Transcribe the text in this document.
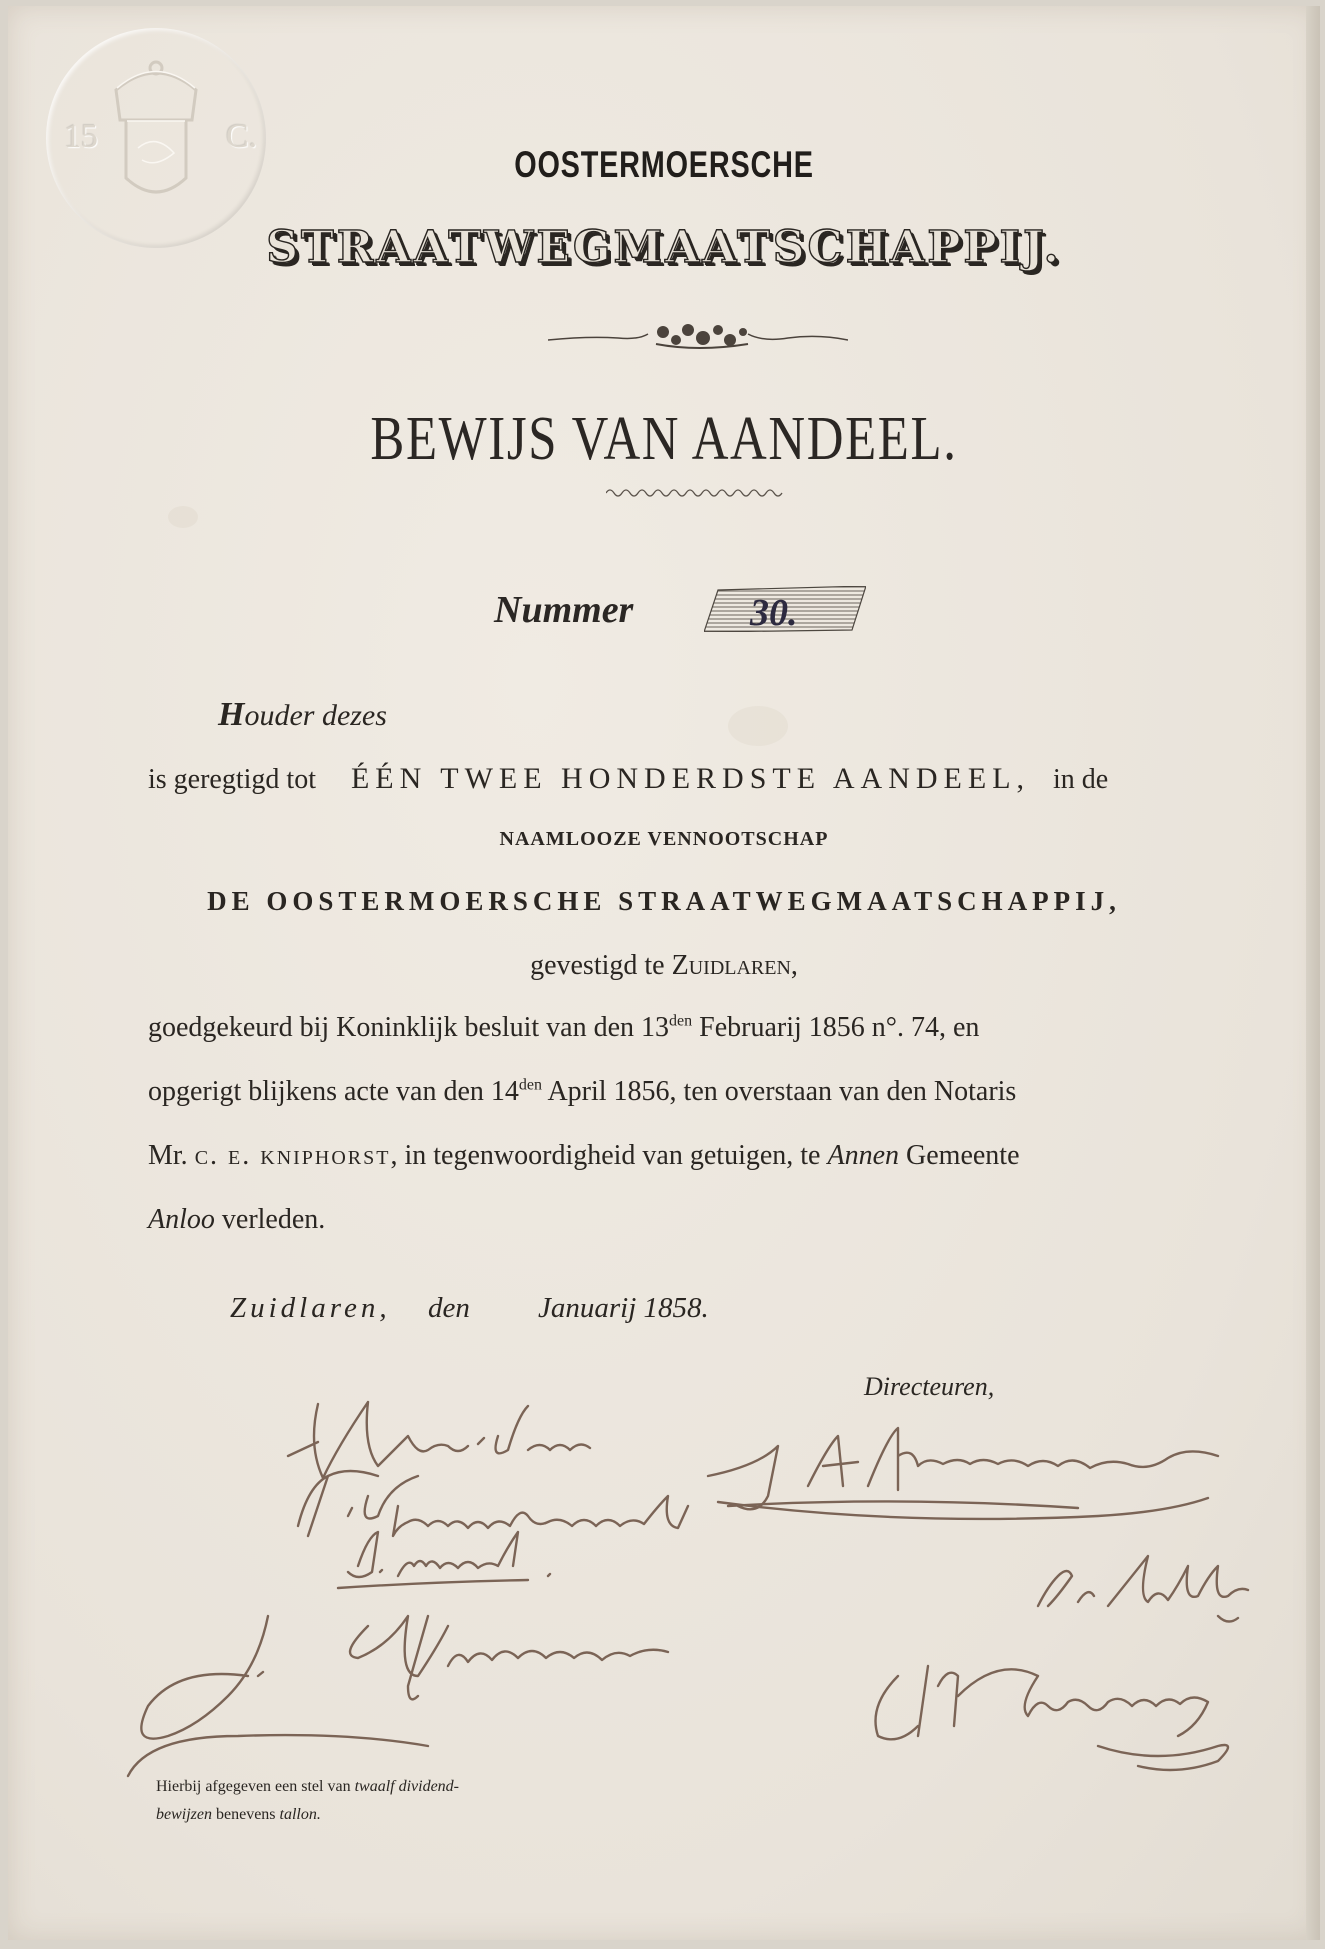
15	C.
OOSTERMOERSCHE
STRAATWEGMAATSCHAPPIJ.
BEWIJS VAN AANDEEL.
Nummer	30.
Houder dezes
is geregtigd tot ÉÉN TWEE HONDERDSTE AANDEEL, in de
NAAMLOOZE VENNOOTSCHAP
DE OOSTERMOERSCHE STRAATWEGMAATSCHAPPIJ,
gevestigd te Zuidlaren,
goedgekeurd bij Koninklijk besluit van den $13^{den}$ Februarij 1856 n°. 74, en
opgerigt blijkens acte van den $14^{den}$ April 1856, ten overstaan van den Notaris
Mr. c. e. kniphorst, in tegenwoordigheid van getuigen, te Annen Gemeente
Anloo verleden.
Zuidlaren, den Januarij 1858.
Directeuren,
Hierbij afgegeven een stel van twaalf dividend-
bewijzen benevens tallon.
